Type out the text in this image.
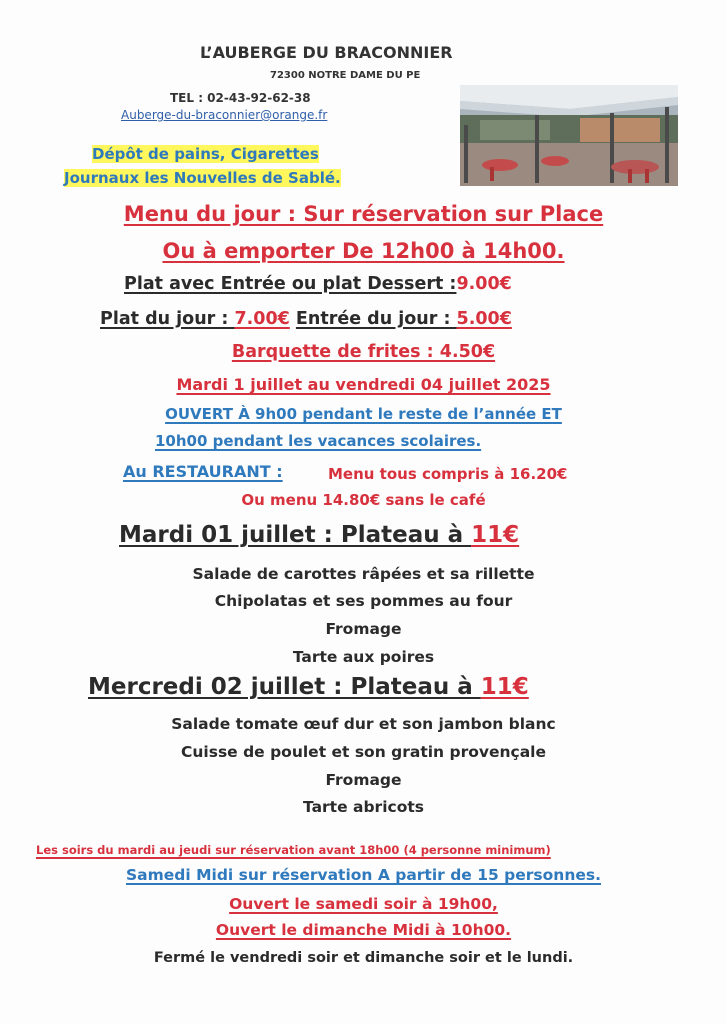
L’AUBERGE DU BRACONNIER
72300 NOTRE DAME DU PE
TEL : 02-43-92-62-38
Auberge-du-braconnier@orange.fr
Dépôt de pains, Cigarettes
Journaux les Nouvelles de Sablé.
Menu du jour : Sur réservation sur Place
Ou à emporter De 12h00 à 14h00.
Plat avec Entrée ou plat Dessert :9.00€
Plat du jour : 7.00€ Entrée du jour : 5.00€
Barquette de frites : 4.50€
Mardi 1 juillet au vendredi 04 juillet 2025
OUVERT À 9h00 pendant le reste de l’année ET
10h00 pendant les vacances scolaires.
Au RESTAURANT :	Menu tous compris à 16.20€
Ou menu 14.80€ sans le café
Mardi 01 juillet : Plateau à 11€
Salade de carottes râpées et sa rillette
Chipolatas et ses pommes au four
Fromage
Tarte aux poires
Mercredi 02 juillet : Plateau à 11€
Salade tomate œuf dur et son jambon blanc
Cuisse de poulet et son gratin provençale
Fromage
Tarte abricots
Les soirs du mardi au jeudi sur réservation avant 18h00 (4 personne minimum)
Samedi Midi sur réservation A partir de 15 personnes.
Ouvert le samedi soir à 19h00,
Ouvert le dimanche Midi à 10h00.
Fermé le vendredi soir et dimanche soir et le lundi.
